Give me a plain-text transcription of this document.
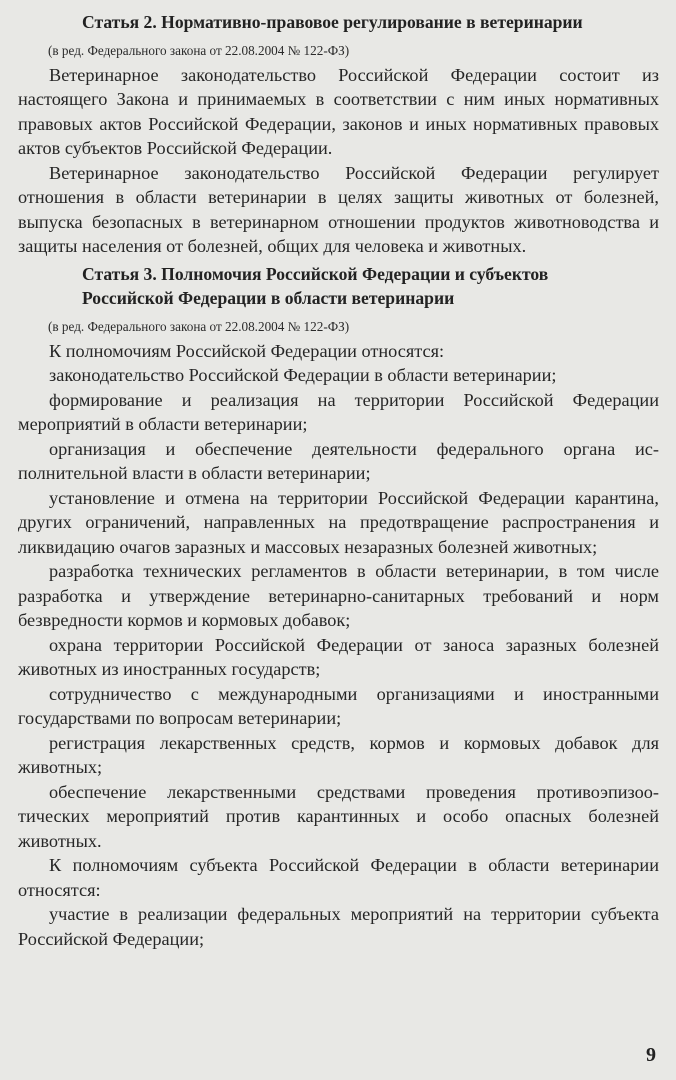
Статья 2. Нормативно-правовое регулирование в ветеринарии
(в ред. Федерального закона от 22.08.2004 № 122-ФЗ)

Ветеринарное законодательство Российской Федерации состоит из настоящего Закона и принимаемых в соответствии с ним иных нормативных правовых актов Российской Федерации, законов и иных нормативных правовых актов субъектов Российской Федерации.

Ветеринарное законодательство Российской Федерации регулирует отношения в области ветеринарии в целях защиты животных от болезней, выпуска безопасных в ветеринарном отношении продуктов животноводства и защиты населения от болезней, общих для человека и животных.

Статья 3. Полномочия Российской Федерации и субъектов
Российской Федерации в области ветеринарии
(в ред. Федерального закона от 22.08.2004 № 122-ФЗ)

К полномочиям Российской Федерации относятся:

законодательство Российской Федерации в области ветеринарии;

формирование и реализация на территории Российской Федерации мероприятий в области ветеринарии;

организация и обеспечение деятельности федерального органа исполнительной власти в области ветеринарии;

установление и отмена на территории Российской Федерации карантина, других ограничений, направленных на предотвращение распространения и ликвидацию очагов заразных и массовых незаразных болезней животных;

разработка технических регламентов в области ветеринарии, в том числе разработка и утверждение ветеринарно-санитарных требований и норм безвредности кормов и кормовых добавок;

охрана территории Российской Федерации от заноса заразных болезней животных из иностранных государств;

сотрудничество с международными организациями и иностранными государствами по вопросам ветеринарии;

регистрация лекарственных средств, кормов и кормовых добавок для животных;

обеспечение лекарственными средствами проведения противоэпизоотических мероприятий против карантинных и особо опасных болезней животных.

К полномочиям субъекта Российской Федерации в области ветеринарии относятся:

участие в реализации федеральных мероприятий на территории субъекта Российской Федерации;

9
